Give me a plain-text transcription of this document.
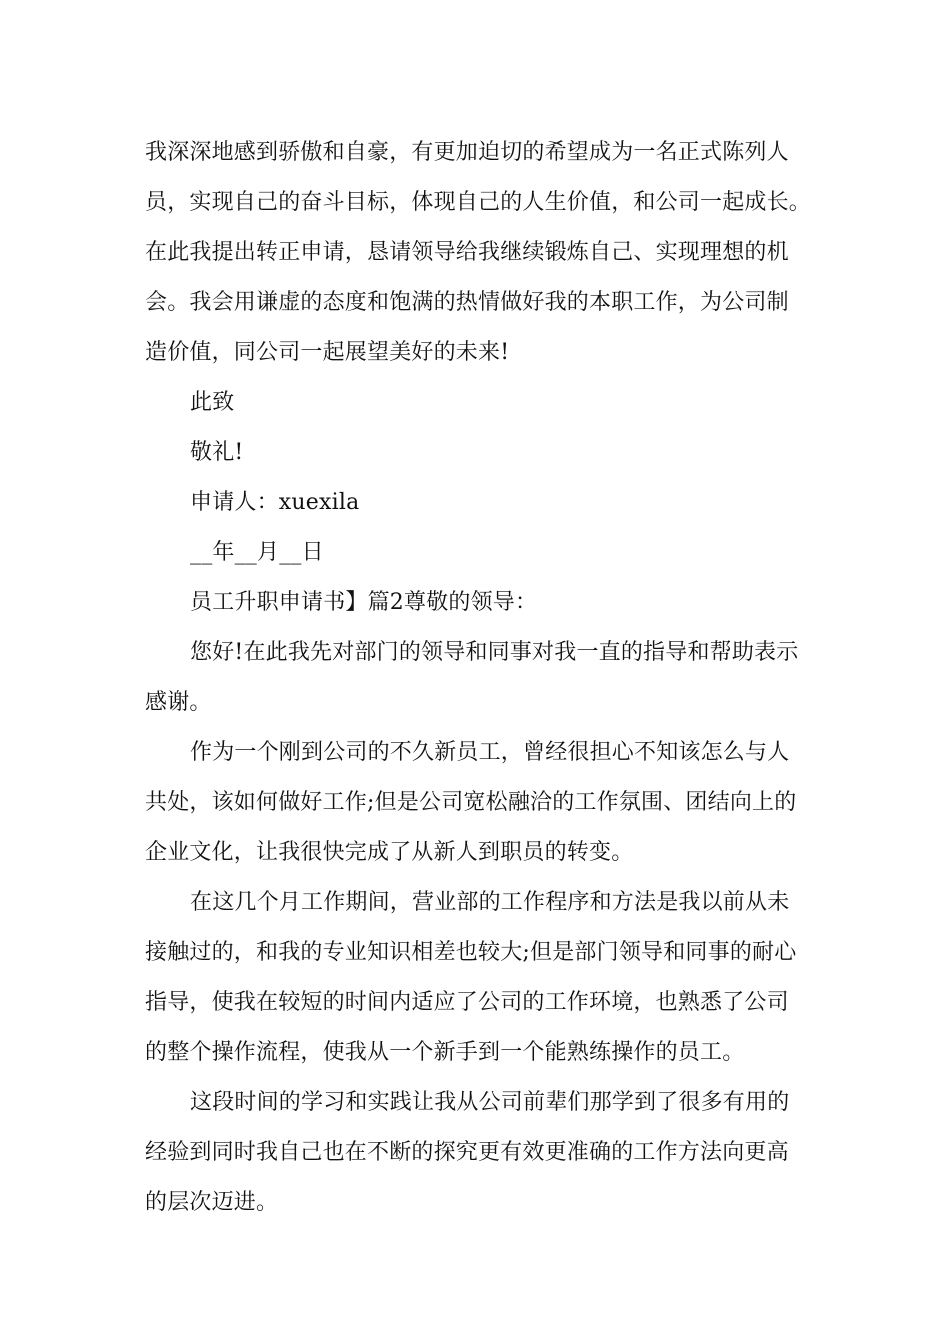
我深深地感到骄傲和自豪，有更加迫切的希望成为一名正式陈列人
员，实现自己的奋斗目标，体现自己的人生价值，和公司一起成长。
在此我提出转正申请，恳请领导给我继续锻炼自己、实现理想的机
会。我会用谦虚的态度和饱满的热情做好我的本职工作，为公司制
造价值，同公司一起展望美好的未来!
此致
敬礼!
申请人：xuexila
__年__月__日
员工升职申请书】篇2尊敬的领导：
您好!在此我先对部门的领导和同事对我一直的指导和帮助表示
感谢。
作为一个刚到公司的不久新员工，曾经很担心不知该怎么与人
共处，该如何做好工作;但是公司宽松融洽的工作氛围、团结向上的
企业文化，让我很快完成了从新人到职员的转变。
在这几个月工作期间，营业部的工作程序和方法是我以前从未
接触过的，和我的专业知识相差也较大;但是部门领导和同事的耐心
指导，使我在较短的时间内适应了公司的工作环境，也熟悉了公司
的整个操作流程，使我从一个新手到一个能熟练操作的员工。
这段时间的学习和实践让我从公司前辈们那学到了很多有用的
经验到同时我自己也在不断的探究更有效更准确的工作方法向更高
的层次迈进。
